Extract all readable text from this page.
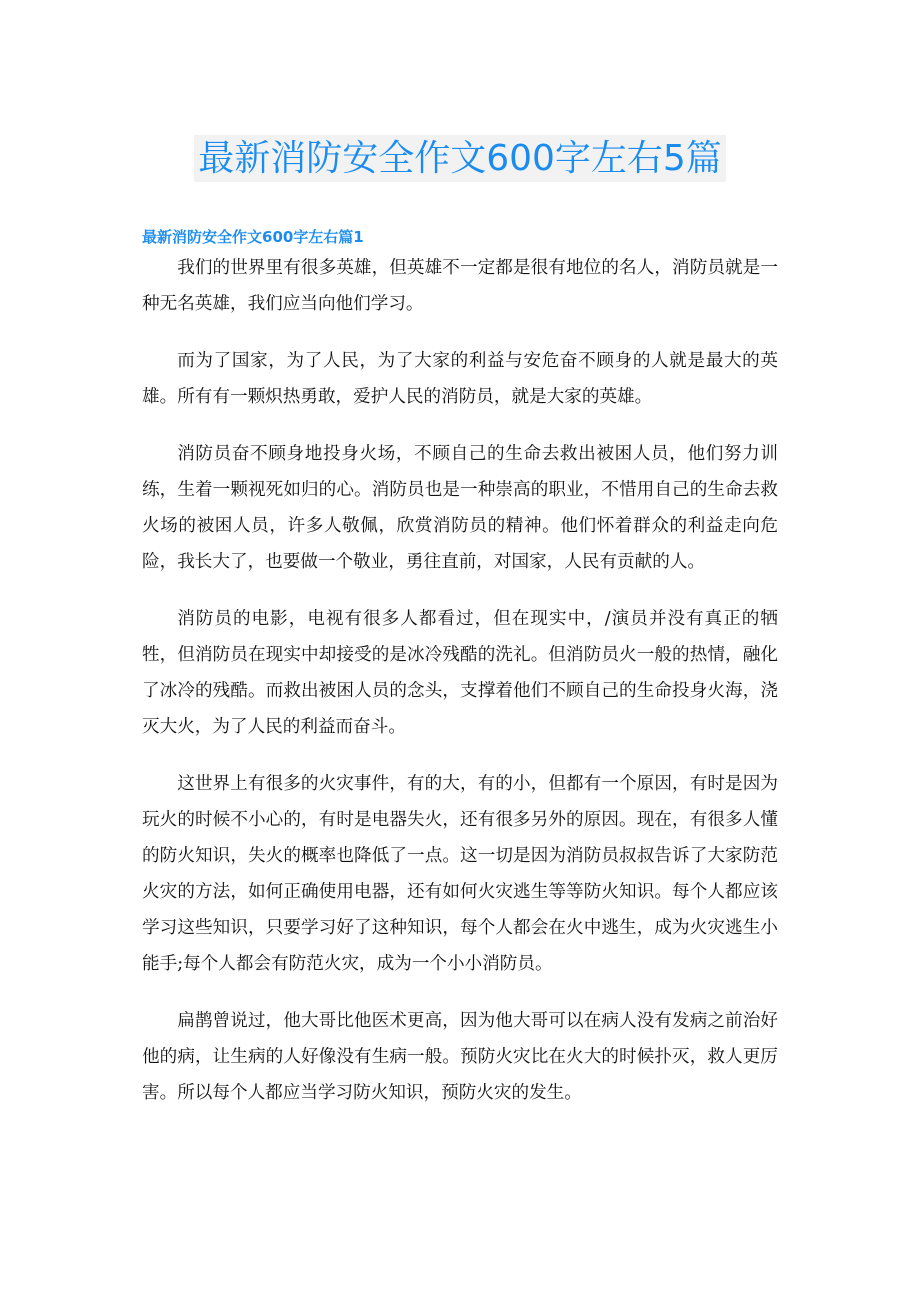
最新消防安全作文600字左右5篇
最新消防安全作文600字左右篇1

我们的世界里有很多英雄，但英雄不一定都是很有地位的名人，消防员就是一种无名英雄，我们应当向他们学习。

而为了国家，为了人民，为了大家的利益与安危奋不顾身的人就是最大的英雄。所有有一颗炽热勇敢，爱护人民的消防员，就是大家的英雄。

消防员奋不顾身地投身火场，不顾自己的生命去救出被困人员，他们努力训练，生着一颗视死如归的心。消防员也是一种崇高的职业，不惜用自己的生命去救火场的被困人员，许多人敬佩，欣赏消防员的精神。他们怀着群众的利益走向危险，我长大了，也要做一个敬业，勇往直前，对国家，人民有贡献的人。

消防员的电影，电视有很多人都看过，但在现实中，/演员并没有真正的牺牲，但消防员在现实中却接受的是冰冷残酷的洗礼。但消防员火一般的热情，融化了冰冷的残酷。而救出被困人员的念头，支撑着他们不顾自己的生命投身火海，浇灭大火，为了人民的利益而奋斗。

这世界上有很多的火灾事件，有的大，有的小，但都有一个原因，有时是因为玩火的时候不小心的，有时是电器失火，还有很多另外的原因。现在，有很多人懂的防火知识，失火的概率也降低了一点。这一切是因为消防员叔叔告诉了大家防范火灾的方法，如何正确使用电器，还有如何火灾逃生等等防火知识。每个人都应该学习这些知识，只要学习好了这种知识，每个人都会在火中逃生，成为火灾逃生小能手;每个人都会有防范火灾，成为一个小小消防员。

扁鹊曾说过，他大哥比他医术更高，因为他大哥可以在病人没有发病之前治好他的病，让生病的人好像没有生病一般。预防火灾比在火大的时候扑灭，救人更厉害。所以每个人都应当学习防火知识，预防火灾的发生。
